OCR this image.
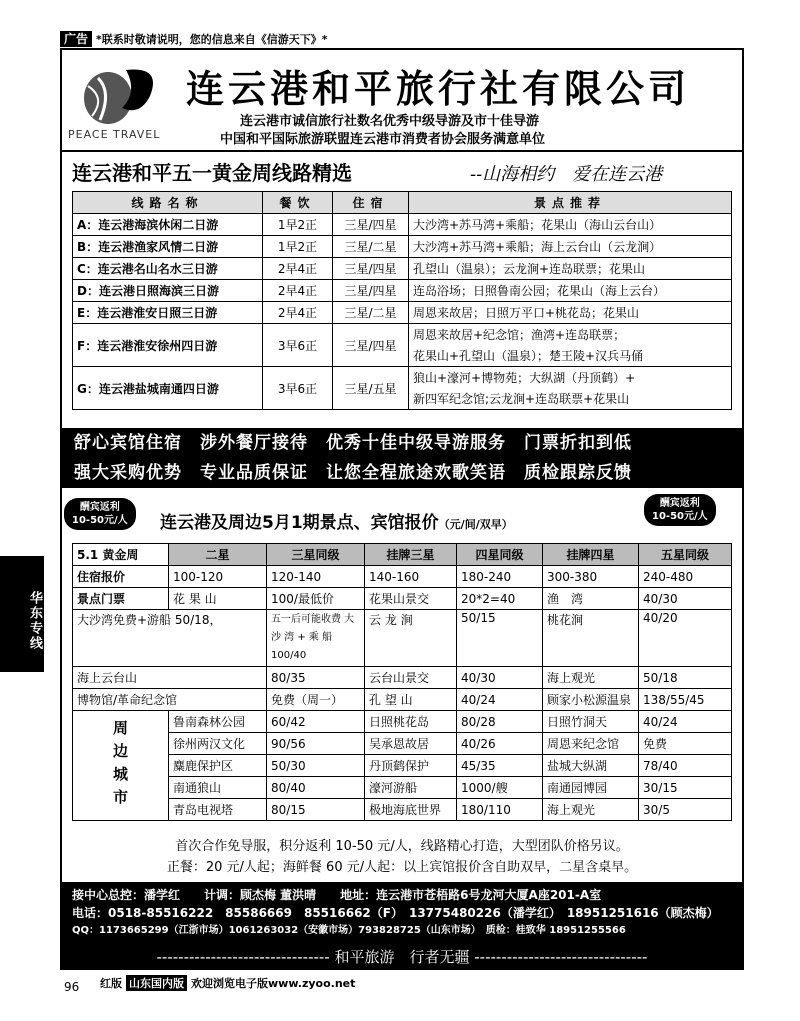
广告 *联系时敬请说明，您的信息来自《信游天下》*
PEACE TRAVEL
连云港和平旅行社有限公司
连云港市诚信旅行社数名优秀中级导游及市十佳导游
中国和平国际旅游联盟连云港市消费者协会服务满意单位
连云港和平五一黄金周线路精选	--山海相约　爱在连云港
线路名称	餐饮	住宿	景点推荐
A：连云港海滨休闲二日游	1早2正	三星/四星	大沙湾+苏马湾+乘船；花果山（海山云台山）
B：连云港渔家风情二日游	1早2正	三星/二星	大沙湾+苏马湾+乘船；海上云台山（云龙涧）
C：连云港名山名水三日游	2早4正	三星/四星	孔望山（温泉）；云龙涧+连岛联票；花果山
D：连云港日照海滨三日游	2早4正	三星/四星	连岛浴场；日照鲁南公园；花果山（海上云台）
E：连云港淮安日照三日游	2早4正	三星/二星	周恩来故居；日照万平口+桃花岛；花果山
F：连云港淮安徐州四日游	3早6正	三星/四星	周恩来故居+纪念馆；渔湾+连岛联票；
花果山+孔望山（温泉）；楚王陵+汉兵马俑

G：连云港盐城南通四日游	3早6正	三星/五星	狼山+濠河+博物苑；大纵湖（丹顶鹤）+
新四军纪念馆;云龙涧+连岛联票+花果山
舒心宾馆住宿　涉外餐厅接待　优秀十佳中级导游服务　门票折扣到低
强大采购优势　专业品质保证　让您全程旅途欢歌笑语　质检跟踪反馈
酬宾返利
10-50元/人
酬宾返利
10-50元/人
连云港及周边5月1期景点、宾馆报价（元/间/双早）
5.1 黄金周	二星	三星同级	挂牌三星	四星同级	挂牌四星	五星同级
住宿报价	100-120	120-140	140-160	180-240	300-380	240-480
景点门票	花 果 山	100/最低价	花果山景交	20*2=40	渔　湾	40/30
大沙湾免费+游船 50/18，		五一后可能收费 大 沙 湾 + 乘 船 100/40	云 龙 涧	50/15	桃花涧	40/20
海上云台山		80/35	云台山景交	40/30	海上观光	50/18
博物馆/革命纪念馆		免费（周一）	孔 望 山	40/24	顾家小松源温泉	138/55/45
周边城市	鲁南森林公园	60/42	日照桃花岛	80/28	日照竹洞天	40/24
	徐州两汉文化	90/56	吴承恩故居	40/26	周恩来纪念馆	免费
	麋鹿保护区	50/30	丹顶鹤保护	45/35	盐城大纵湖	78/40
	南通狼山	80/40	濠河游船	1000/艘	南通园博园	30/15
	青岛电视塔	80/15	极地海底世界	180/110	海上观光	30/5
首次合作免导服，积分返利 10-50 元/人，线路精心打造，大型团队价格另议。
正餐：20 元/人起；海鲜餐 60 元/人起：以上宾馆报价含自助双早，二星含桌早。
接中心总控：潘学红　　计调：顾杰梅 董洪晴　　地址：连云港市苍梧路6号龙河大厦A座201-A室
电话：0518-85516222　85586669　85516662（F）　13775480226（潘学红）　18951251616（顾杰梅）
QQ：1173665299（江浙市场）1061263032（安徽市场）793828725（山东市场）　质检：桂致华 18951255566
-------------------------------- 和平旅游　行者无疆 --------------------------------
华东专线
96 红版 山东国内版 欢迎浏览电子版www.zyoo.net
